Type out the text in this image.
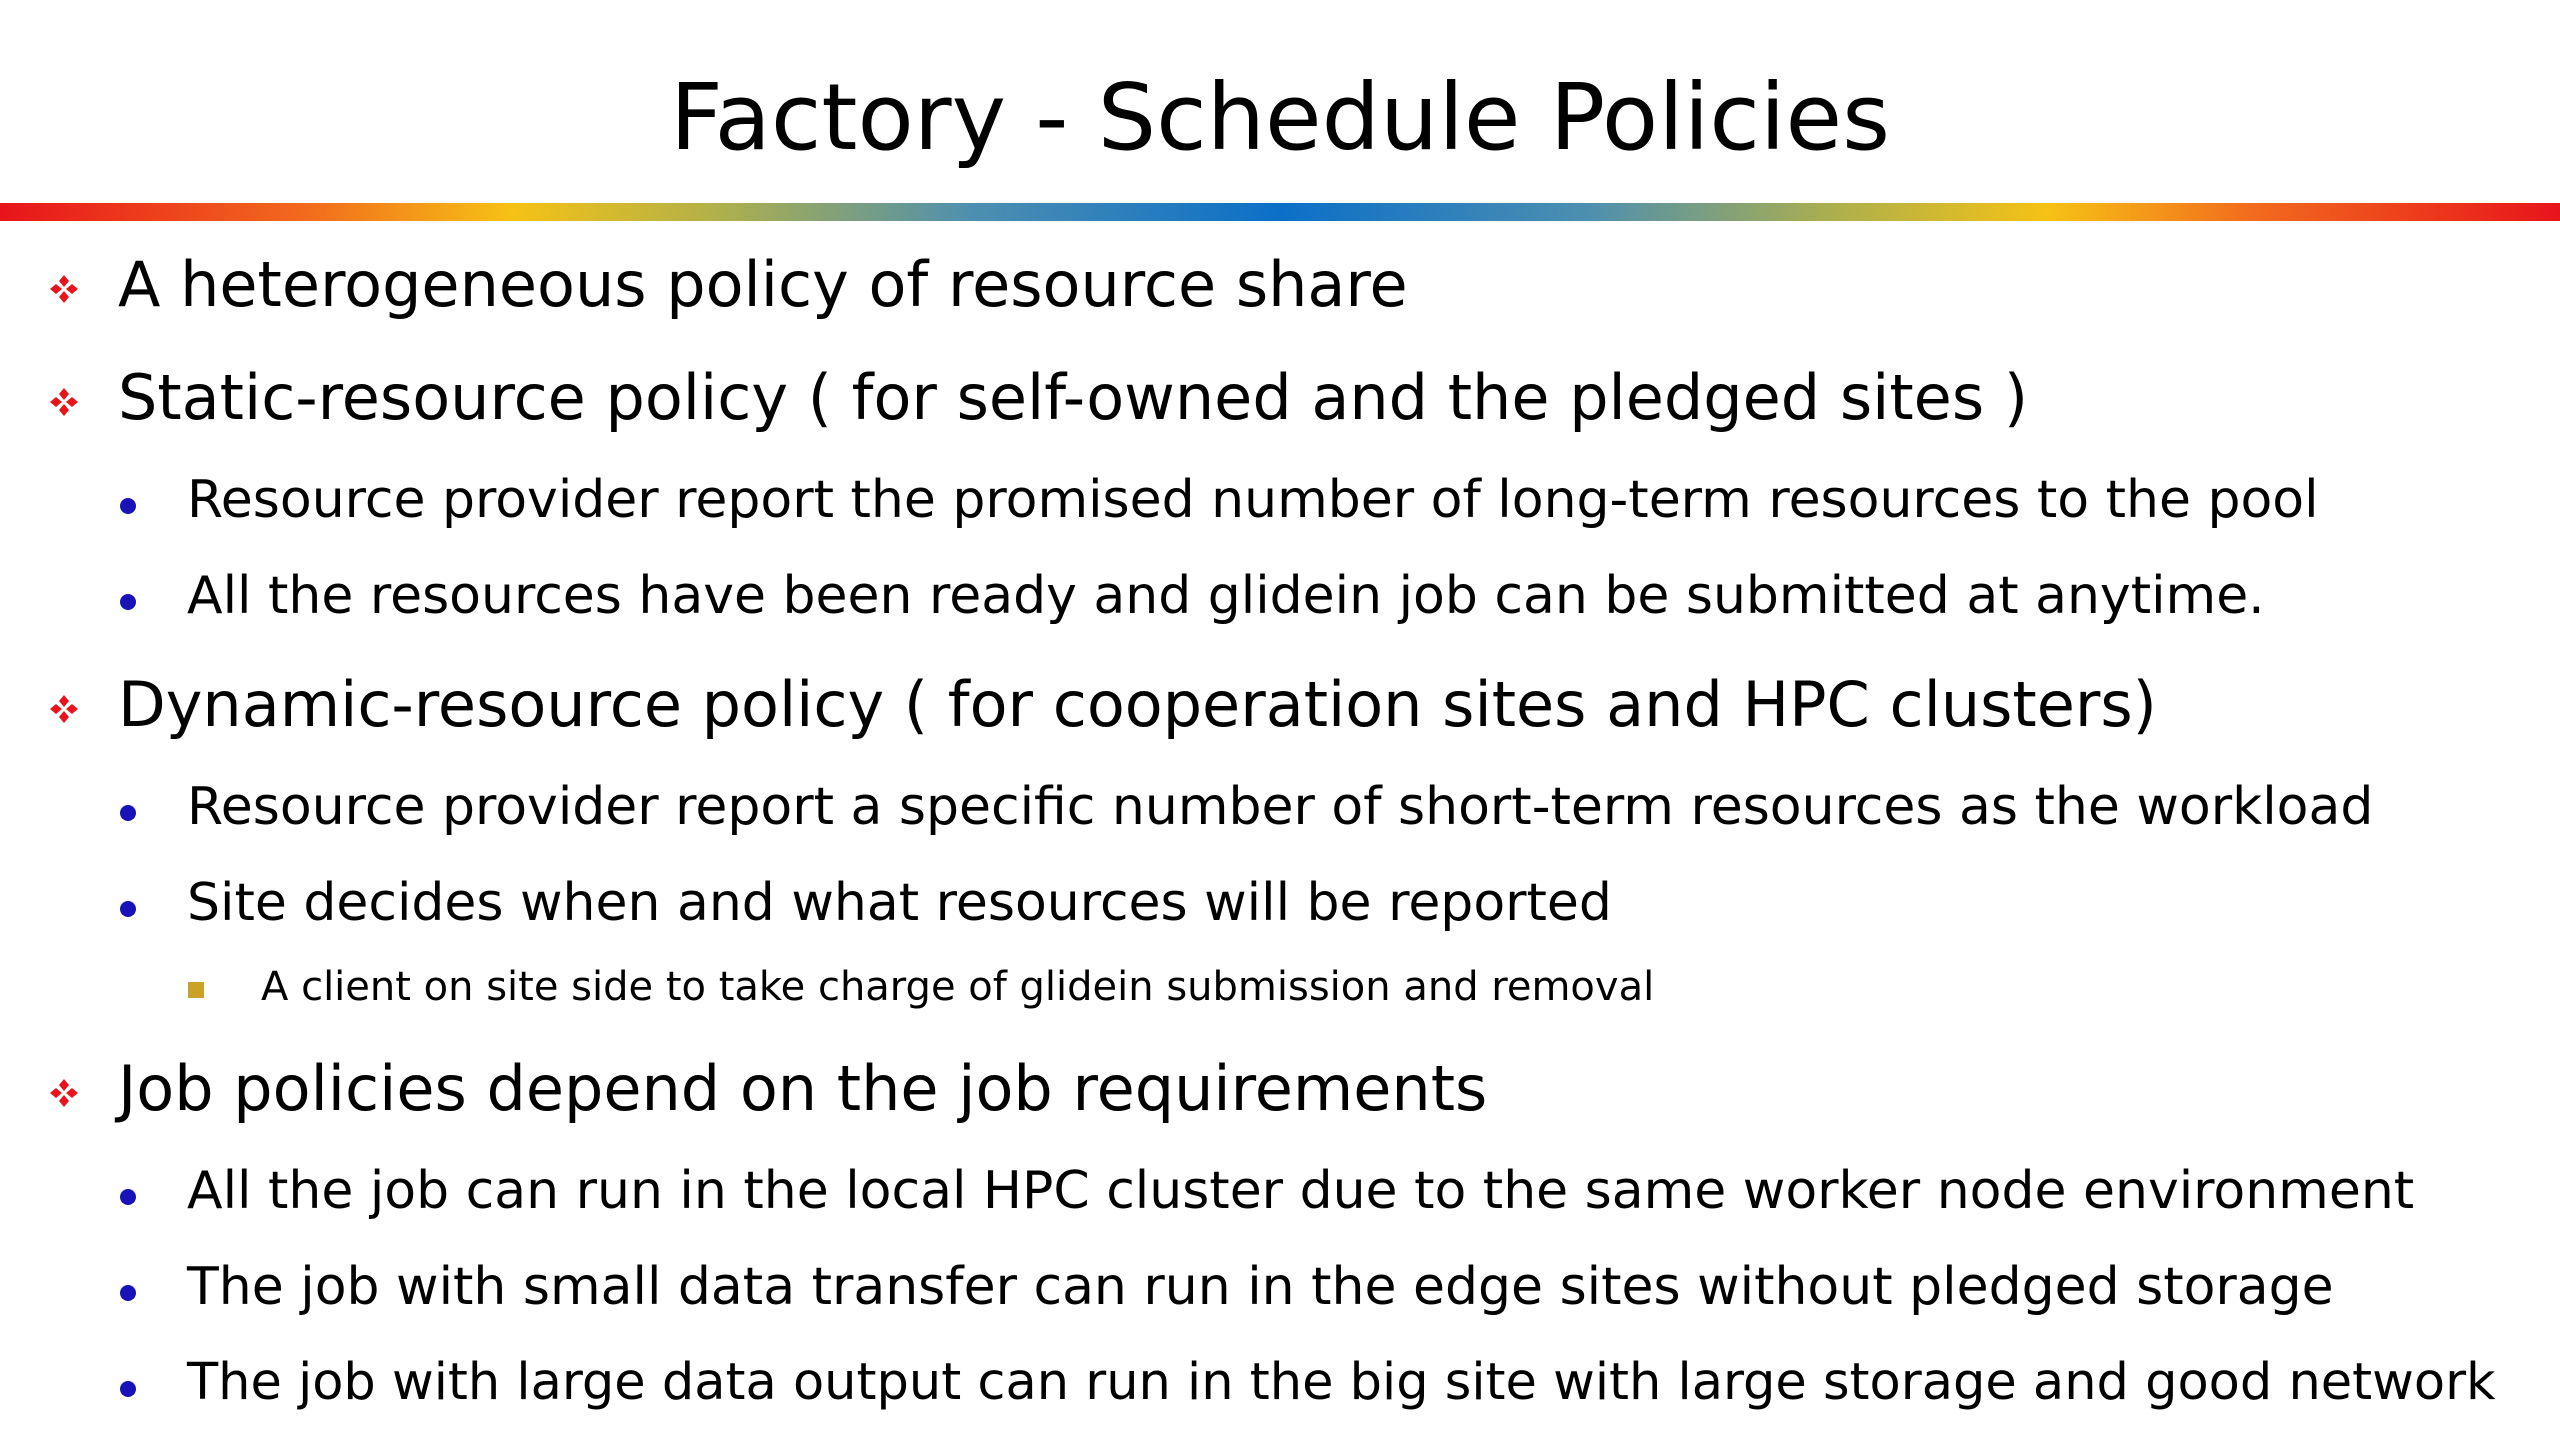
Factory - Schedule Policies
A heterogeneous policy of resource share
Static-resource policy ( for self-owned and the pledged sites )
Resource provider report the promised number of long-term resources to the pool
All the resources have been ready and glidein job can be submitted at anytime.
Dynamic-resource policy ( for cooperation sites and HPC clusters)
Resource provider report a specific number of short-term resources as the workload
Site decides when and what resources will be reported
A client on site side to take charge of glidein submission and removal
Job policies depend on the job requirements
All the job can run in the local HPC cluster due to the same worker node environment
The job with small data transfer can run in the edge sites without pledged storage
The job with large data output can run in the big site with large storage and good network
